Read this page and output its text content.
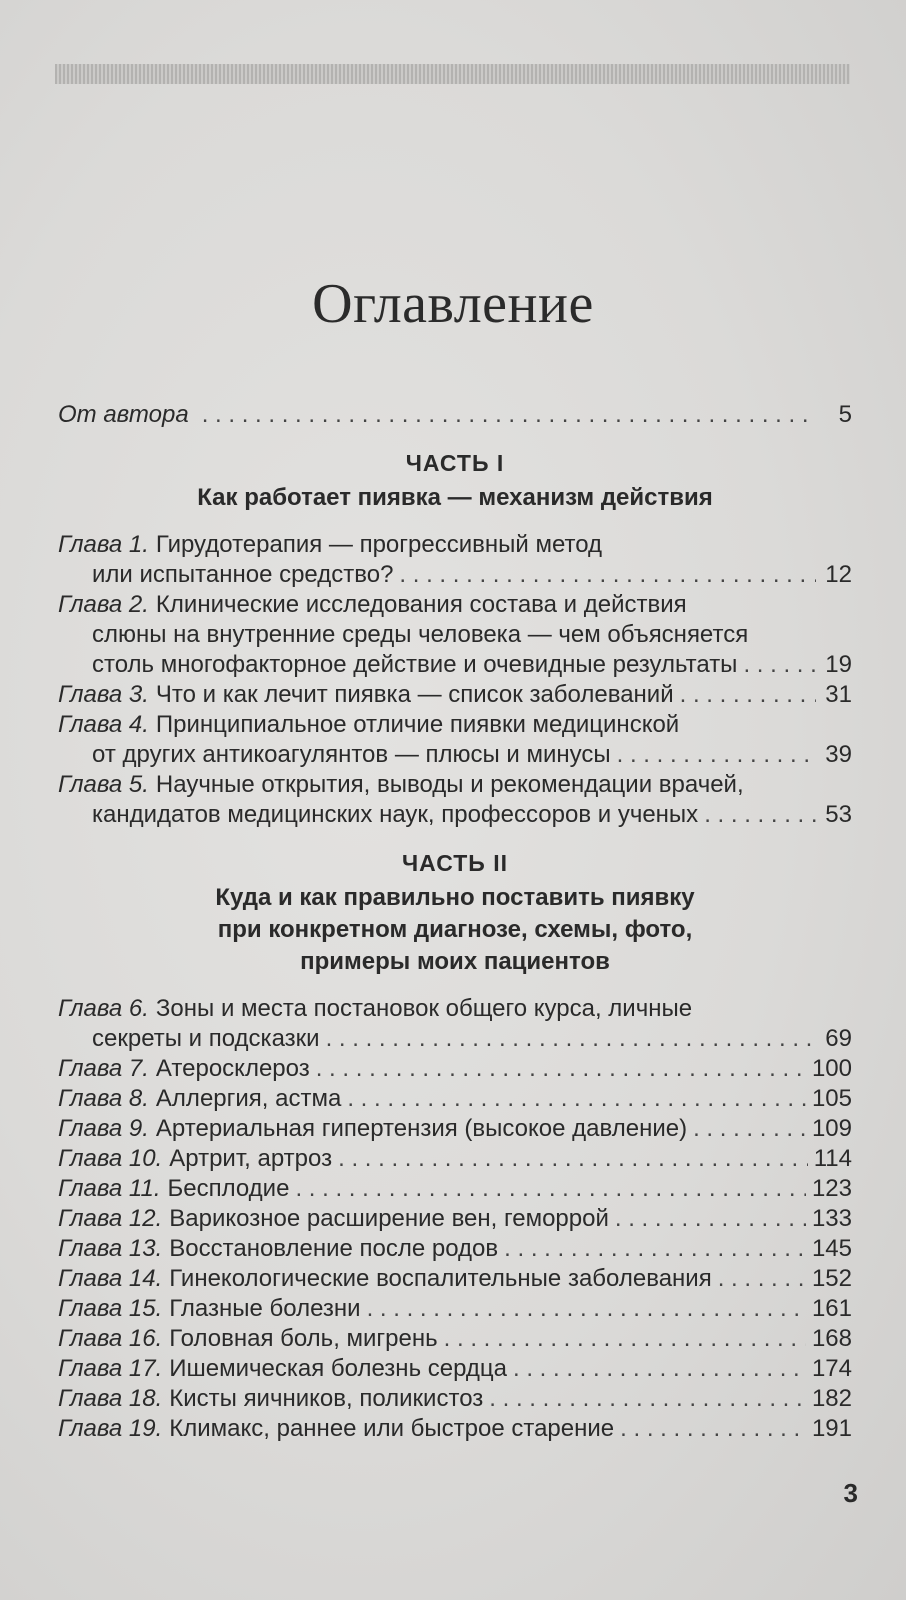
Оглавление
От автора . . .	5
ЧАСТЬ I
Как работает пиявка — механизм действия
Глава 1. Гирудотерапия — прогрессивный метод
или испытанное средство? . . .	12
Глава 2. Клинические исследования состава и действия
слюны на внутренние среды человека — чем объясняется
столь многофакторное действие и очевидные результаты . . .	19
Глава 3. Что и как лечит пиявка — список заболеваний . . .	31
Глава 4. Принципиальное отличие пиявки медицинской
от других антикоагулянтов — плюсы и минусы . . .	39
Глава 5. Научные открытия, выводы и рекомендации врачей,
кандидатов медицинских наук, профессоров и ученых . . .	53
ЧАСТЬ II
Куда и как правильно поставить пиявку
при конкретном диагнозе, схемы, фото,
примеры моих пациентов
Глава 6. Зоны и места постановок общего курса, личные
секреты и подсказки . . .	69
Глава 7. Атеросклероз . . .	100
Глава 8. Аллергия, астма . . .	105
Глава 9. Артериальная гипертензия (высокое давление) . . .	109
Глава 10. Артрит, артроз . . .	114
Глава 11. Бесплодие . . .	123
Глава 12. Варикозное расширение вен, геморрой . . .	133
Глава 13. Восстановление после родов . . .	145
Глава 14. Гинекологические воспалительные заболевания . . .	152
Глава 15. Глазные болезни . . .	161
Глава 16. Головная боль, мигрень . . .	168
Глава 17. Ишемическая болезнь сердца . . .	174
Глава 18. Кисты яичников, поликистоз . . .	182
Глава 19. Климакс, раннее или быстрое старение . . .	191
3
